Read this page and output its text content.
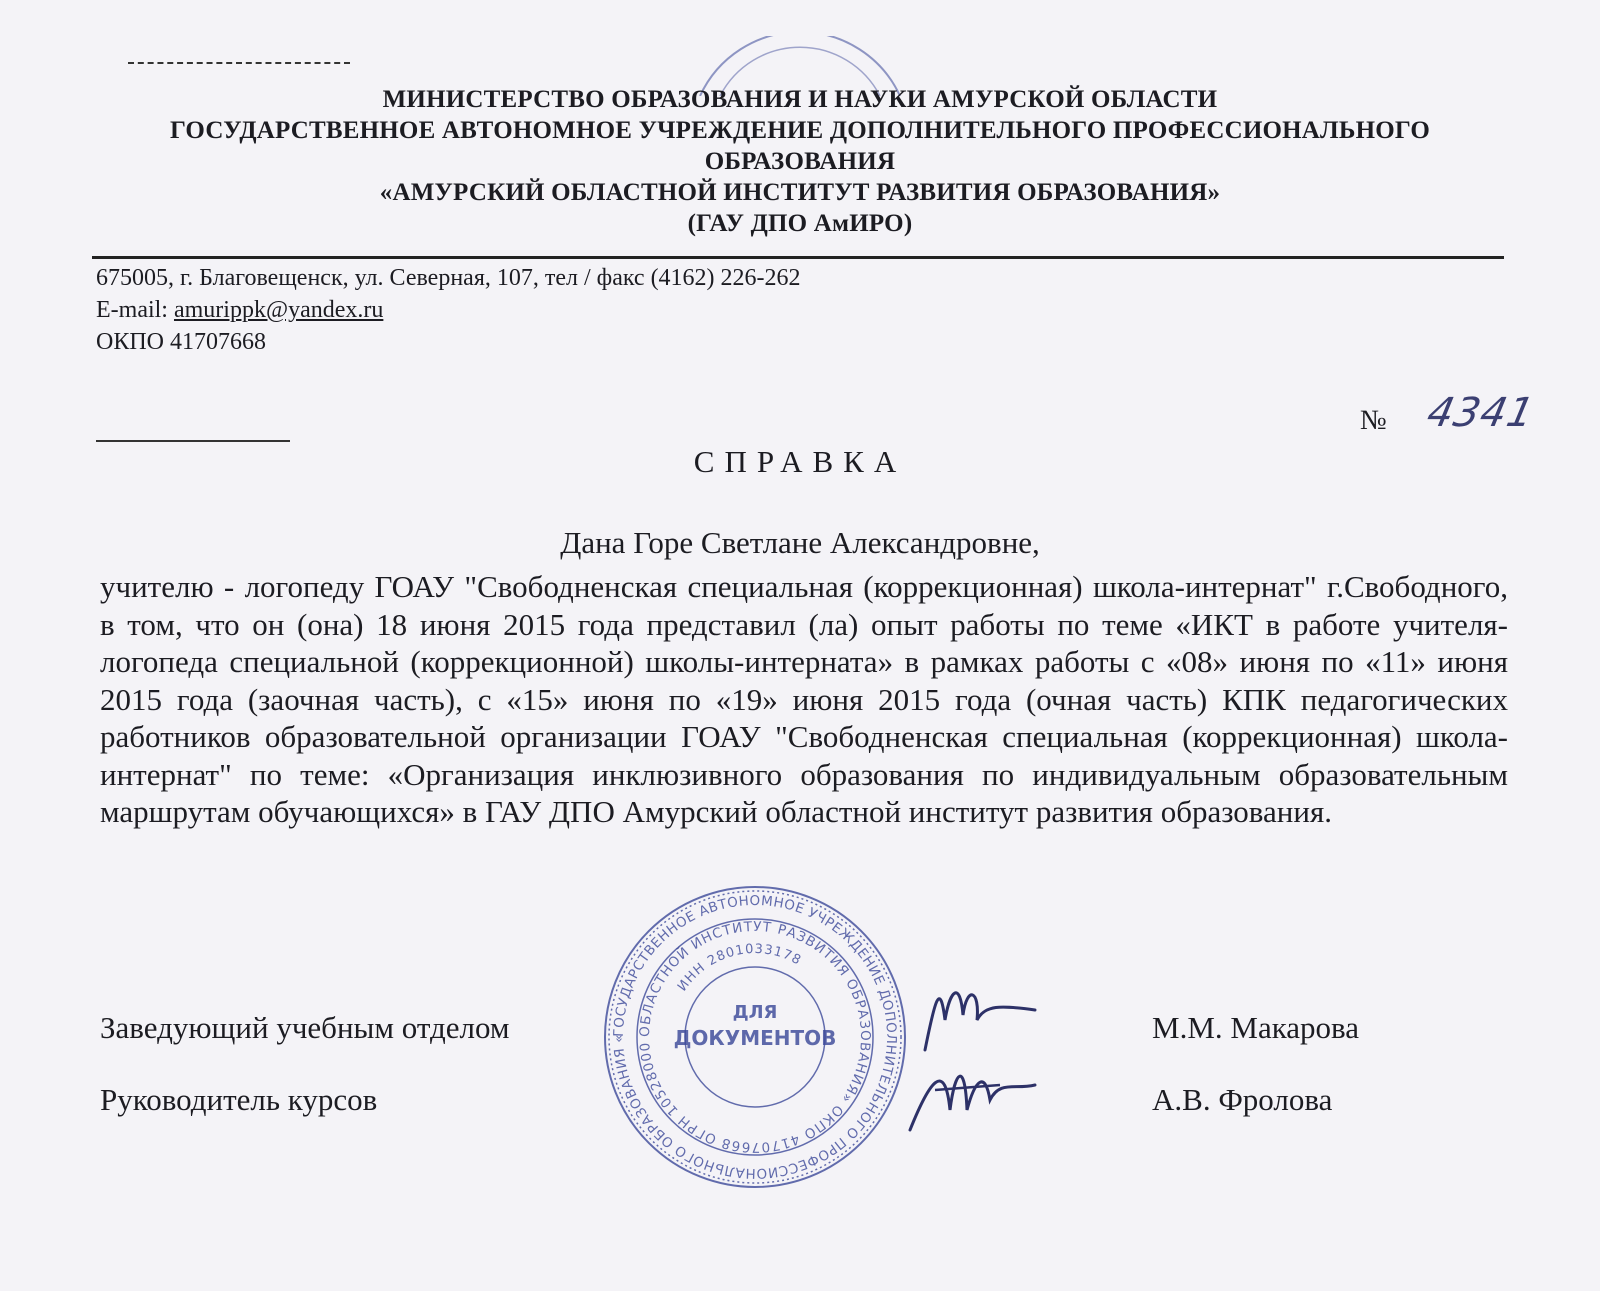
МИНИСТЕРСТВО ОБРАЗОВАНИЯ И НАУКИ АМУРСКОЙ ОБЛАСТИ
ГОСУДАРСТВЕННОЕ АВТОНОМНОЕ УЧРЕЖДЕНИЕ ДОПОЛНИТЕЛЬНОГО ПРОФЕССИОНАЛЬНОГО
ОБРАЗОВАНИЯ
«АМУРСКИЙ ОБЛАСТНОЙ ИНСТИТУТ РАЗВИТИЯ ОБРАЗОВАНИЯ»
(ГАУ ДПО АмИРО)
675005, г. Благовещенск, ул. Северная, 107, тел / факс (4162) 226-262
E-mail: amurippk@yandex.ru
ОКПО 41707668
№ 4341
СПРАВКА
Дана Горе Светлане Александровне,
учителю - логопеду ГОАУ "Свободненская специальная (коррекционная) школа-интернат" г.Свободного, в том, что он (она) 18 июня 2015 года представил (ла) опыт работы по теме «ИКТ в работе учителя-логопеда специальной (коррекционной) школы-интерната» в рамках работы с «08» июня по «11» июня 2015 года (заочная часть), с «15» июня по «19» июня 2015 года (очная часть) КПК педагогических работников образовательной организации ГОАУ "Свободненская специальная (коррекционная) школа-интернат" по теме: «Организация инклюзивного образования по индивидуальным образовательным маршрутам обучающихся» в ГАУ ДПО Амурский областной институт развития образования.
ГОСУДАРСТВЕННОЕ АВТОНОМНОЕ УЧРЕЖДЕНИЕ ДОПОЛНИТЕЛЬНОГО ПРОФЕССИОНАЛЬНОГО ОБРАЗОВАНИЯ «
ОБЛАСТНОЙ ИНСТИТУТ РАЗВИТИЯ ОБРАЗОВАНИЯ» ОКПО 41707668 ОГРН 10528000
ИНН 2801033178
ДЛЯ
ДОКУМЕНТОВ
Заведующий учебным отделом	М.М. Макарова
Руководитель курсов	А.В. Фролова
